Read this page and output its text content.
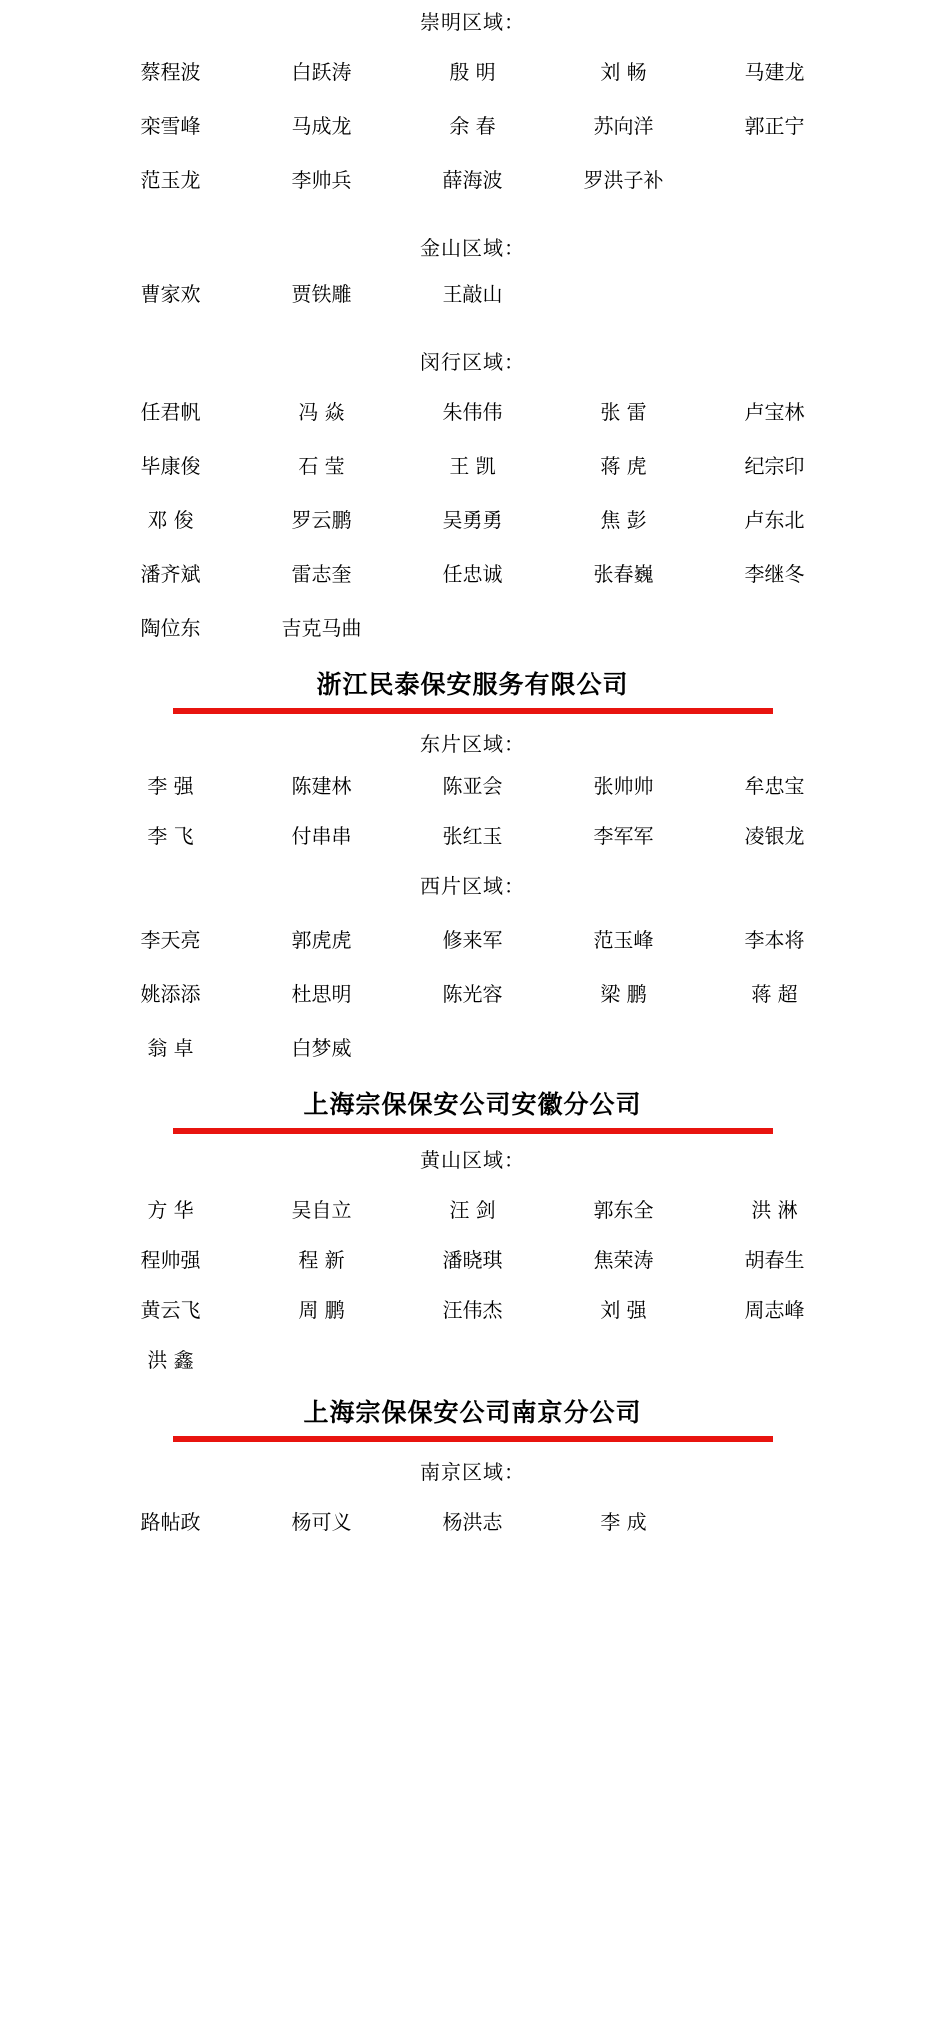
崇明区域：
蔡程波	白跃涛	殷 明	刘 畅	马建龙
栾雪峰	马成龙	余 春	苏向洋	郭正宁
范玉龙	李帅兵	薛海波	罗洪子补
金山区域：
曹家欢	贾铁雕	王敲山
闵行区域：
任君帆	冯 焱	朱伟伟	张 雷	卢宝林
毕康俊	石 莹	王 凯	蒋 虎	纪宗印
邓 俊	罗云鹏	吴勇勇	焦 彭	卢东北
潘齐斌	雷志奎	任忠诚	张春巍	李继冬
陶位东	吉克马曲
浙江民泰保安服务有限公司
东片区域：
李 强	陈建林	陈亚会	张帅帅	牟忠宝
李 飞	付串串	张红玉	李军军	凌银龙
西片区域：
李天亮	郭虎虎	修来军	范玉峰	李本将
姚添添	杜思明	陈光容	梁 鹏	蒋 超
翁 卓	白梦威
上海宗保保安公司安徽分公司
黄山区域：
方 华	吴自立	汪 剑	郭东全	洪 淋
程帅强	程 新	潘晓琪	焦荣涛	胡春生
黄云飞	周 鹏	汪伟杰	刘 强	周志峰
洪 鑫
上海宗保保安公司南京分公司
南京区域：
路帖政	杨可义	杨洪志	李 成
